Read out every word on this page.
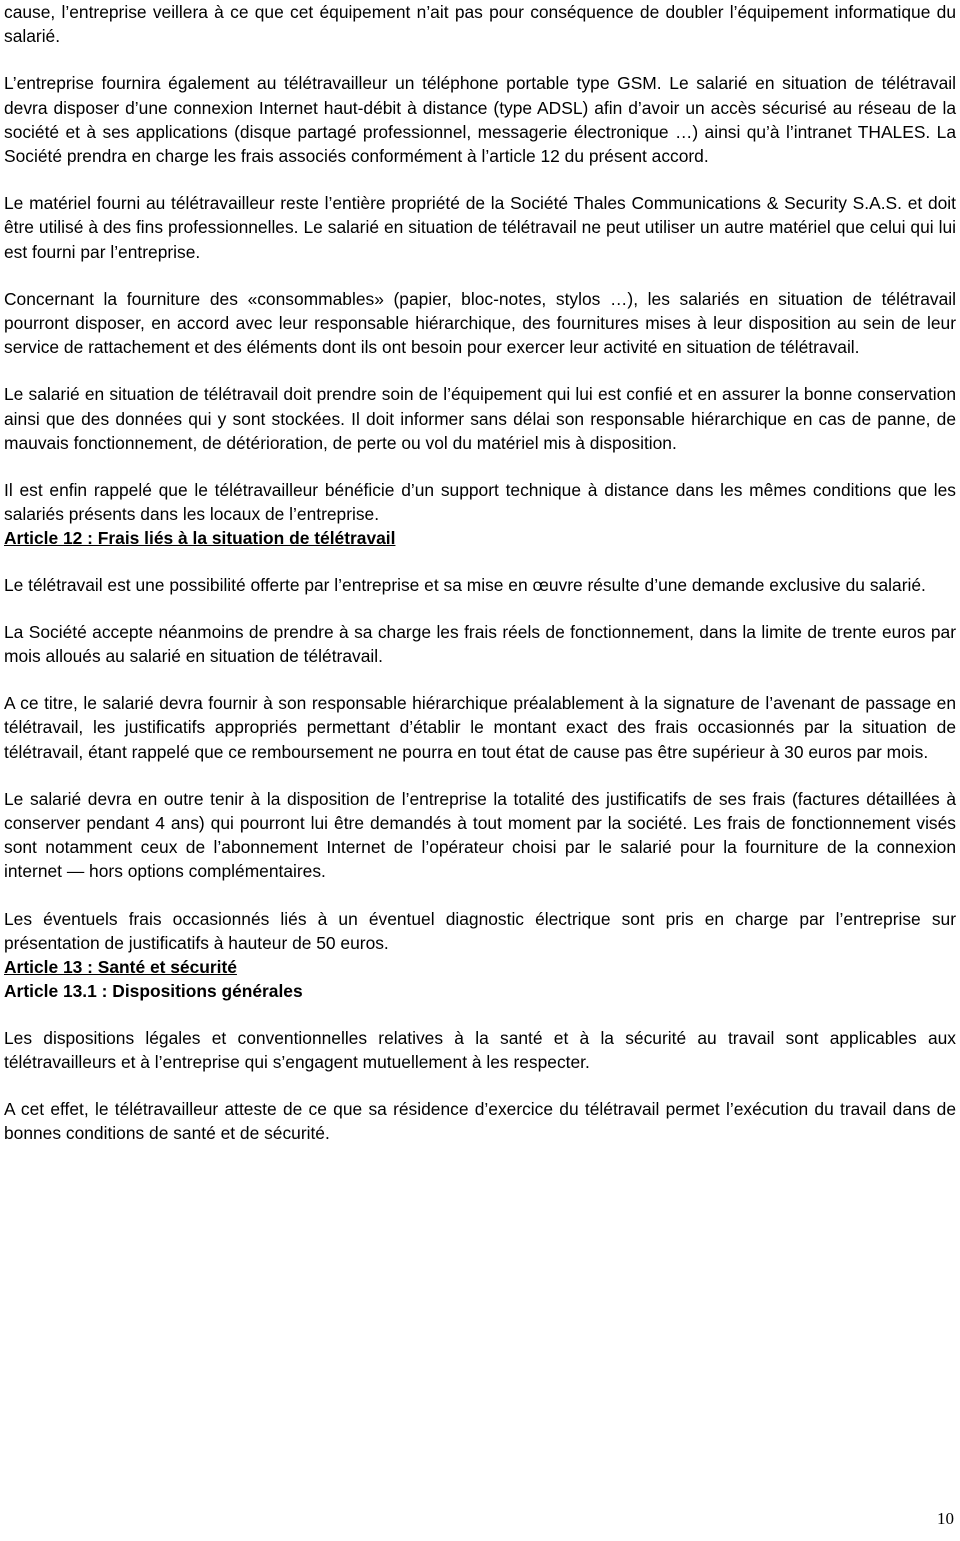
cause, l’entreprise veillera à ce que cet équipement n’ait pas pour conséquence de doubler l’équipement informatique du salarié.

L’entreprise fournira également au télétravailleur un téléphone portable type GSM. Le salarié en situation de télétravail devra disposer d’une connexion Internet haut-débit à distance (type ADSL) afin d’avoir un accès sécurisé au réseau de la société et à ses applications (disque partagé professionnel, messagerie électronique …) ainsi qu’à l’intranet THALES. La Société prendra en charge les frais associés conformément à l’article 12 du présent accord.

Le matériel fourni au télétravailleur reste l’entière propriété de la Société Thales Communications & Security S.A.S. et doit être utilisé à des fins professionnelles. Le salarié en situation de télétravail ne peut utiliser un autre matériel que celui qui lui est fourni par l’entreprise.

Concernant la fourniture des «consommables» (papier, bloc-notes, stylos …), les salariés en situation de télétravail pourront disposer, en accord avec leur responsable hiérarchique, des fournitures mises à leur disposition au sein de leur service de rattachement et des éléments dont ils ont besoin pour exercer leur activité en situation de télétravail.

Le salarié en situation de télétravail doit prendre soin de l’équipement qui lui est confié et en assurer la bonne conservation ainsi que des données qui y sont stockées. Il doit informer sans délai son responsable hiérarchique en cas de panne, de mauvais fonctionnement, de détérioration, de perte ou vol du matériel mis à disposition.

Il est enfin rappelé que le télétravailleur bénéficie d’un support technique à distance dans les mêmes conditions que les salariés présents dans les locaux de l’entreprise.

Article 12 : Frais liés à la situation de télétravail

Le télétravail est une possibilité offerte par l’entreprise et sa mise en œuvre résulte d’une demande exclusive du salarié.

La Société accepte néanmoins de prendre à sa charge les frais réels de fonctionnement, dans la limite de trente euros par mois alloués au salarié en situation de télétravail.

A ce titre, le salarié devra fournir à son responsable hiérarchique préalablement à la signature de l’avenant de passage en télétravail, les justificatifs appropriés permettant d’établir le montant exact des frais occasionnés par la situation de télétravail, étant rappelé que ce remboursement ne pourra en tout état de cause pas être supérieur à 30 euros par mois.

Le salarié devra en outre tenir à la disposition de l’entreprise la totalité des justificatifs de ses frais (factures détaillées à conserver pendant 4 ans) qui pourront lui être demandés à tout moment par la société. Les frais de fonctionnement visés sont notamment ceux de l’abonnement Internet de l’opérateur choisi par le salarié pour la fourniture de la connexion internet — hors options complémentaires.

Les éventuels frais occasionnés liés à un éventuel diagnostic électrique sont pris en charge par l’entreprise sur présentation de justificatifs à hauteur de 50 euros.

Article 13 : Santé et sécurité
Article 13.1 : Dispositions générales

Les dispositions légales et conventionnelles relatives à la santé et à la sécurité au travail sont applicables aux télétravailleurs et à l’entreprise qui s’engagent mutuellement à les respecter.

A cet effet, le télétravailleur atteste de ce que sa résidence d’exercice du télétravail permet l’exécution du travail dans de bonnes conditions de santé et de sécurité.

10
